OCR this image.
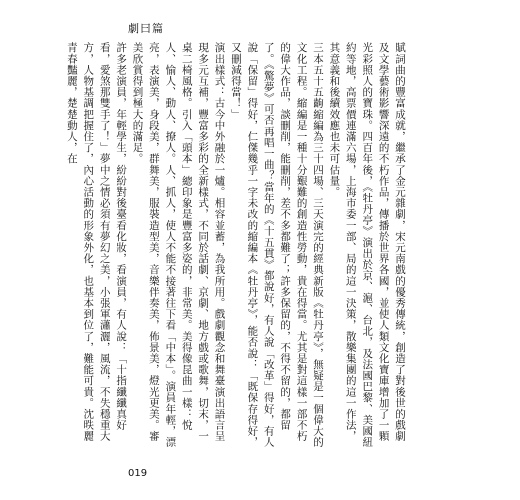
劇曰篇

賦詞曲的豐富成就，繼承了金元雜劇，宋元南戲的優秀傳統，創造了對後世的戲劇及文學藝術影響深遠的不朽作品，傳播於世界各國，並使人類文化寶庫增加了一顆光彩照人的寶珠。四百年後，《牡丹亭》演出於京、滬、台北，及法國巴黎、美國紐約等地，高票價連滿六場，上海市委一部、局的這一決策，散樂集團的這一作法，其意義和後續效應也未可估量。

三本五十五齣縮編為三十四場、三天演完的經典新版《牡丹亭》，無疑是一個偉大的文化工程。縮編是一種十分艱難的創造性勞動，貴在得當。尤其是對這樣一部不朽的偉大作品，談刪削，能刪削，差不多都難了；許多保留的，不得不留的，都留了。《驚夢》可否再唱一曲？當年的《十五貫》都說好，有人說「改革」得好，有人說「保留」得好，仁傑幾乎一字未改的縮編本《牡丹亭》，能否說：「既保存得好，又刪減得當！」

演出樣式：古今中外融於一爐。相容並蓄，為我所用。戲劇觀念和舞臺演出語言呈現多元互補，豐富多彩的全新樣式，不同於話劇、京劇、地方戲或歌舞，切末，一桌二椅風格。引入「頭本」總印象是豐富多姿的，非常美。美得像昆曲一樣：悅人、愉人、動人、撩人。人、抓人，使人不能不接著往下看「中本」。演員年輕，漂亮，表演美，身段美，群舞美，服裝造型美，音樂伴奏美，佈景美，燈光更美。審美欣賞得到極大的滿足。

許多老演員，年輕學生，紛紛對後臺看化妝，看演員，有人說：「十指纖纖真好看，愛煞那雙手了！」夢中之情必須有夢幻之美，小張軍瀟灑，風流，不失穩重大方，人物基調把握住了，內心活動的形象外化，也基本到位了，難能可貴。沈昳麗青春豔麗，楚楚動人，在

019
